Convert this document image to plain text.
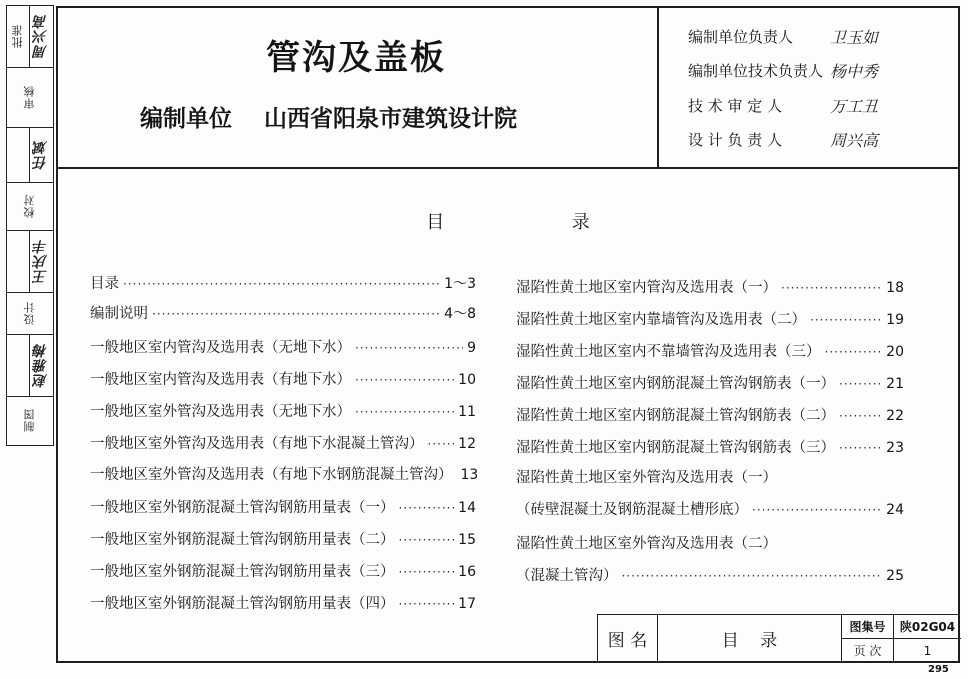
批准 周兴高
审核
任斌
校对
王庆丰
设计
赵雅梅
制图
管沟及盖板
编制单位 山西省阳泉市建筑设计院
编制单位负责人	卫玉如
编制单位技术负责人 杨中秀
技 术 审 定 人	万工丑
设 计 负 责 人	周兴高
目	录
目录 ·····	1～3
编制说明 ·····	4～8
一般地区室内管沟及选用表（无地下水） ·····	9
一般地区室内管沟及选用表（有地下水） ·····	10
一般地区室外管沟及选用表（无地下水） ·····	11
一般地区室外管沟及选用表（有地下水混凝土管沟） ····· 12
一般地区室外管沟及选用表（有地下水钢筋混凝土管沟） 13
一般地区室外钢筋混凝土管沟钢筋用量表（一） ·····	14
一般地区室外钢筋混凝土管沟钢筋用量表（二） ·····	15
一般地区室外钢筋混凝土管沟钢筋用量表（三） ·····	16
一般地区室外钢筋混凝土管沟钢筋用量表（四） ·····	17
湿陷性黄土地区室内管沟及选用表（一） ·····	18
湿陷性黄土地区室内靠墙管沟及选用表（二） ·····	19
湿陷性黄土地区室内不靠墙管沟及选用表（三） ·····	20
湿陷性黄土地区室内钢筋混凝土管沟钢筋表（一） ·····	21
湿陷性黄土地区室内钢筋混凝土管沟钢筋表（二） ·····	22
湿陷性黄土地区室内钢筋混凝土管沟钢筋表（三） ·····	23
湿陷性黄土地区室外管沟及选用表（一）
（砖壁混凝土及钢筋混凝土槽形底） ·····	24
湿陷性黄土地区室外管沟及选用表（二）
（混凝土管沟） ·····	25
图 名	目    录
图集号	陕02G04
页 次	1
295
